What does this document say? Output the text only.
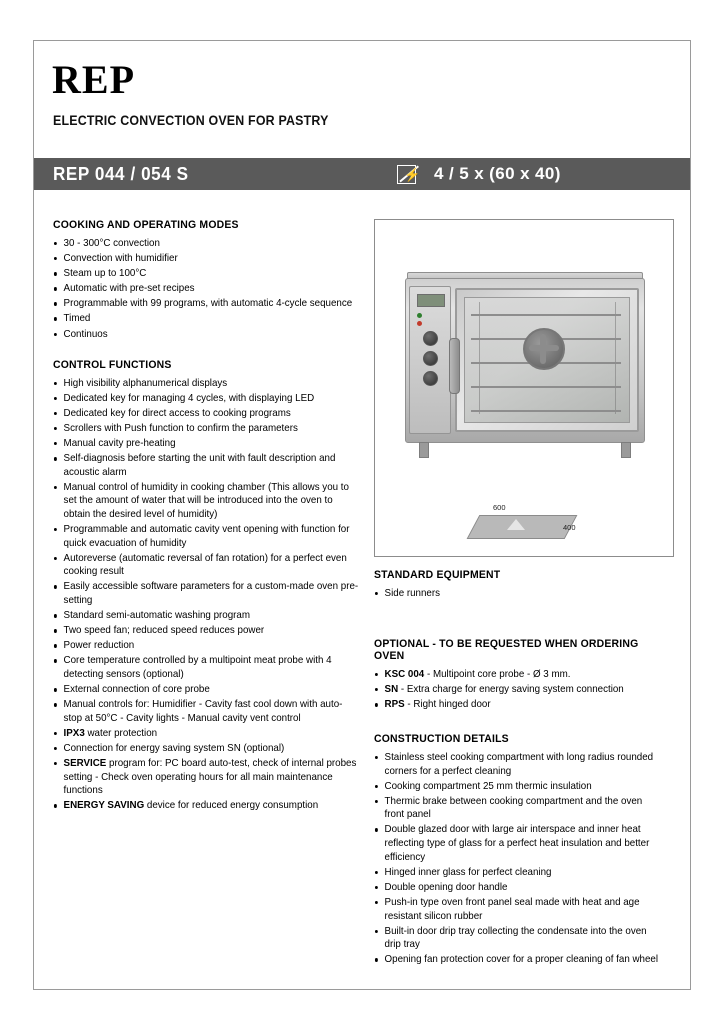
REP
ELECTRIC CONVECTION OVEN FOR PASTRY
REP 044 / 054 S	⚡ 4 / 5 x (60 x 40)
COOKING AND OPERATING MODES
30 - 300°C convection
Convection with humidifier
Steam up to 100°C
Automatic with pre-set recipes
Programmable with 99 programs, with automatic 4-cycle sequence
Timed
Continuos
CONTROL FUNCTIONS
High visibility alphanumerical displays
Dedicated key for managing 4 cycles, with displaying LED
Dedicated key for direct access to cooking programs
Scrollers with Push function to confirm the parameters
Manual cavity pre-heating
Self-diagnosis before starting the unit with fault description and acoustic alarm
Manual control of humidity in cooking chamber (This allows you to set the amount of water that will be introduced into the oven to obtain the desired level of humidity)
Programmable and automatic cavity vent opening with function for quick evacuation of humidity
Autoreverse (automatic reversal of fan rotation) for a perfect even cooking result
Easily accessible software parameters for a custom-made oven pre-setting
Standard semi-automatic washing program
Two speed fan; reduced speed reduces power
Power reduction
Core temperature controlled by a multipoint meat probe with 4 detecting sensors (optional)
External connection of core probe
Manual controls for: Humidifier - Cavity fast cool down with auto-stop at 50°C - Cavity lights - Manual cavity vent control
IPX3 water protection
Connection for energy saving system SN (optional)
SERVICE program for: PC board auto-test, check of internal probes setting - Check oven operating hours for all main maintenance functions
ENERGY SAVING device for reduced energy consumption
600
400
STANDARD EQUIPMENT
Side runners
OPTIONAL - TO BE REQUESTED WHEN ORDERING OVEN
KSC 004 - Multipoint core probe - Ø 3 mm.
SN - Extra charge for energy saving system connection
RPS - Right hinged door
CONSTRUCTION DETAILS
Stainless steel cooking compartment with long radius rounded corners for a perfect cleaning
Cooking compartment 25 mm thermic insulation
Thermic brake between cooking compartment and the oven front panel
Double glazed door with large air interspace and inner heat reflecting type of glass for a perfect heat insulation and better efficiency
Hinged inner glass for perfect cleaning
Double opening door handle
Push-in type oven front panel seal made with heat and age resistant silicon rubber
Built-in door drip tray collecting the condensate into the oven drip tray
Opening fan protection cover for a proper cleaning of fan wheel
